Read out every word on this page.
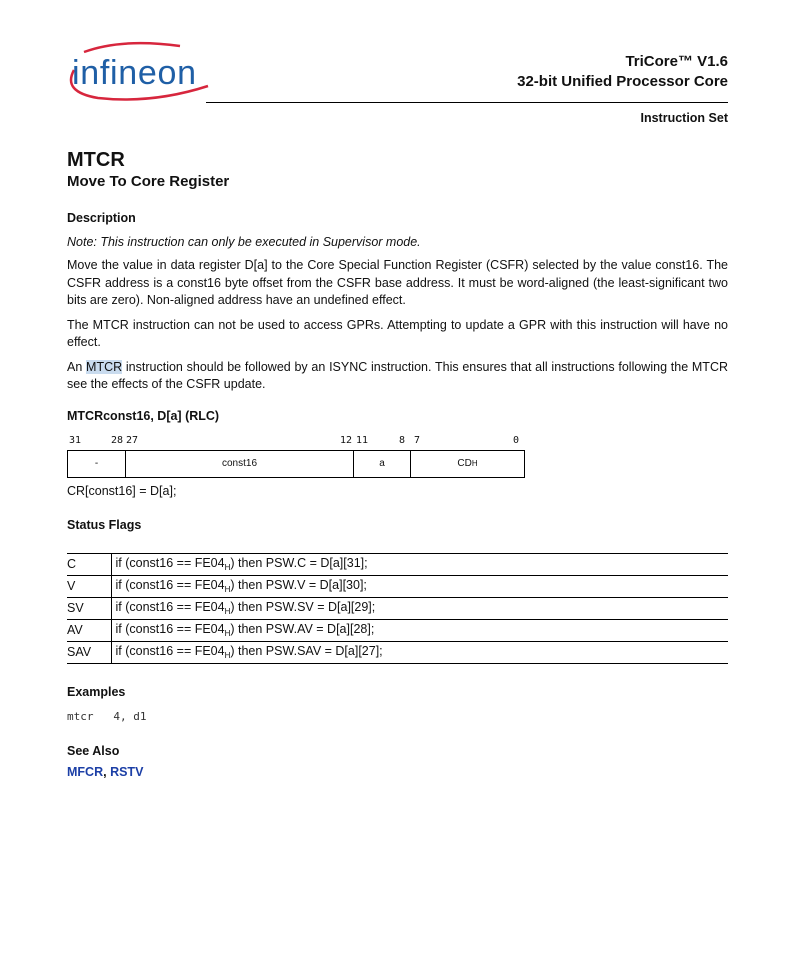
infineon	TriCore™ V1.6
32-bit Unified Processor Core
Instruction Set
MTCR
Move To Core Register
Description
Note: This instruction can only be executed in Supervisor mode.

Move the value in data register D[a] to the Core Special Function Register (CSFR) selected by the value const16. The CSFR address is a const16 byte offset from the CSFR base address. It must be word-aligned (the least-significant two bits are zero). Non-aligned address have an undefined effect.

The MTCR instruction can not be used to access GPRs. Attempting to update a GPR with this instruction will have no effect.

An MTCR instruction should be followed by an ISYNC instruction. This ensures that all instructions following the MTCR see the effects of the CSFR update.

MTCRconst16, D[a] (RLC)
31	28 27	12 11	8 7	0
-	const16	a	CD H
CR[const16] = D[a];
Status Flags
C	if (const16 == $FE04_H$) then PSW.C = D[a][31];
V	if (const16 == $FE04_H$) then PSW.V = D[a][30];
SV	if (const16 == $FE04_H$) then PSW.SV = D[a][29];
AV	if (const16 == $FE04_H$) then PSW.AV = D[a][28];
SAV	if (const16 == $FE04_H$) then PSW.SAV = D[a][27];
Examples
mtcr   4, d1
See Also
MFCR, RSTV
